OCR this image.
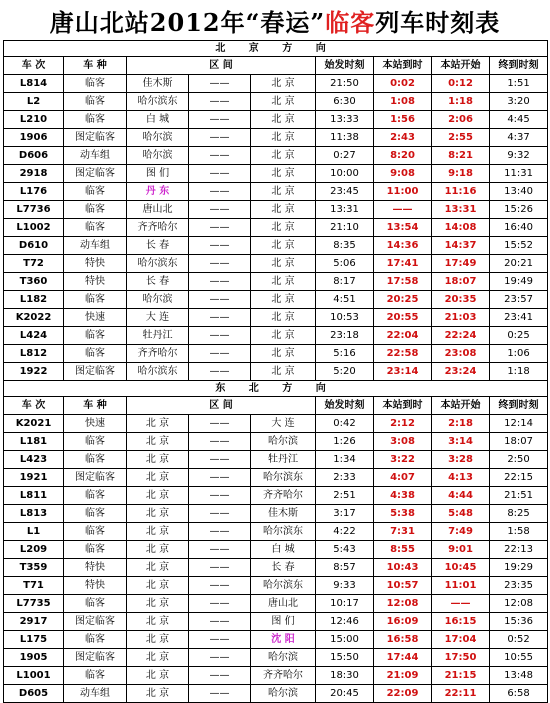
唐山北站2012年“春运” 临客 列车时刻表
北 京 方 向								
车 次	车 种	区 间			始发时刻	本站到时	本站开始	终到时刻
L814	临客	佳木斯	——	北 京	21:50	0:02	0:12	1:51
L2	临客	哈尔滨东	——	北 京	6:30	1:08	1:18	3:20
L210	临客	白 城	——	北 京	13:33	1:56	2:06	4:45
1906	图定临客	哈尔滨	——	北 京	11:38	2:43	2:55	4:37
D606	动车组	哈尔滨	——	北 京	0:27	8:20	8:21	9:32
2918	图定临客	图 们	——	北 京	10:00	9:08	9:18	11:31
L176	临客	丹 东	——	北 京	23:45	11:00	11:16	13:40
L7736	临客	唐山北	——	北 京	13:31	——	13:31	15:26
L1002	临客	齐齐哈尔	——	北 京	21:10	13:54	14:08	16:40
D610	动车组	长 春	——	北 京	8:35	14:36	14:37	15:52
T72	特快	哈尔滨东	——	北 京	5:06	17:41	17:49	20:21
T360	特快	长 春	——	北 京	8:17	17:58	18:07	19:49
L182	临客	哈尔滨	——	北 京	4:51	20:25	20:35	23:57
K2022	快速	大 连	——	北 京	10:53	20:55	21:03	23:41
L424	临客	牡丹江	——	北 京	23:18	22:04	22:24	0:25
L812	临客	齐齐哈尔	——	北 京	5:16	22:58	23:08	1:06
1922	图定临客	哈尔滨东	——	北 京	5:20	23:14	23:24	1:18
东 北 方 向								
车 次	车 种	区 间			始发时刻	本站到时	本站开始	终到时刻
K2021	快速	北 京	——	大 连	0:42	2:12	2:18	12:14
L181	临客	北 京	——	哈尔滨	1:26	3:08	3:14	18:07
L423	临客	北 京	——	牡丹江	1:34	3:22	3:28	2:50
1921	图定临客	北 京	——	哈尔滨东	2:33	4:07	4:13	22:15
L811	临客	北 京	——	齐齐哈尔	2:51	4:38	4:44	21:51
L813	临客	北 京	——	佳木斯	3:17	5:38	5:48	8:25
L1	临客	北 京	——	哈尔滨东	4:22	7:31	7:49	1:58
L209	临客	北 京	——	白 城	5:43	8:55	9:01	22:13
T359	特快	北 京	——	长 春	8:57	10:43	10:45	19:29
T71	特快	北 京	——	哈尔滨东	9:33	10:57	11:01	23:35
L7735	临客	北 京	——	唐山北	10:17	12:08	——	12:08
2917	图定临客	北 京	——	图 们	12:46	16:09	16:15	15:36
L175	临客	北 京	——	沈 阳	15:00	16:58	17:04	0:52
1905	图定临客	北 京	——	哈尔滨	15:50	17:44	17:50	10:55
L1001	临客	北 京	——	齐齐哈尔	18:30	21:09	21:15	13:48
D605	动车组	北 京	——	哈尔滨	20:45	22:09	22:11	6:58
